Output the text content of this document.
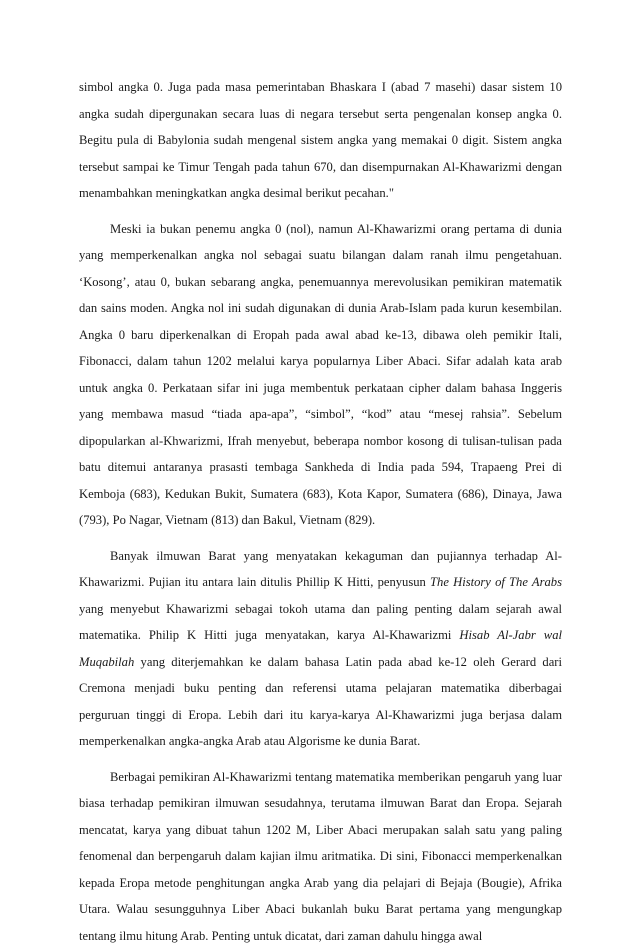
simbol angka 0. Juga pada masa pemerintaban Bhaskara I (abad 7 masehi) dasar sistem 10 angka sudah dipergunakan secara luas di negara tersebut serta pengenalan konsep angka 0. Begitu pula di Babylonia sudah mengenal sistem angka yang memakai 0 digit. Sistem angka tersebut sampai ke Timur Tengah pada tahun 670, dan disempurnakan Al-Khawarizmi dengan menambahkan meningkatkan angka desimal berikut pecahan."

Meski ia bukan penemu angka 0 (nol), namun Al-Khawarizmi orang pertama di dunia yang memperkenalkan angka nol sebagai suatu bilangan dalam ranah ilmu pengetahuan. ‘Kosong’, atau 0, bukan sebarang angka, penemuannya merevolusikan pemikiran matematik dan sains moden. Angka nol ini sudah digunakan di dunia Arab-Islam pada kurun kesembilan. Angka 0 baru diperkenalkan di Eropah pada awal abad ke-13, dibawa oleh pemikir Itali, Fibonacci, dalam tahun 1202 melalui karya popularnya Liber Abaci. Sifar adalah kata arab untuk angka 0. Perkataan sifar ini juga membentuk perkataan cipher dalam bahasa Inggeris yang membawa masud “tiada apa-apa”, “simbol”, “kod” atau “mesej rahsia”. Sebelum dipopularkan al-Khwarizmi, Ifrah menyebut, beberapa nombor kosong di tulisan-tulisan pada batu ditemui antaranya prasasti tembaga Sankheda di India pada 594, Trapaeng Prei di Kemboja (683), Kedukan Bukit, Sumatera (683), Kota Kapor, Sumatera (686), Dinaya, Jawa (793), Po Nagar, Vietnam (813) dan Bakul, Vietnam (829).

Banyak ilmuwan Barat yang menyatakan kekaguman dan pujiannya terhadap Al-Khawarizmi. Pujian itu antara lain ditulis Phillip K Hitti, penyusun The History of The Arabs yang menyebut Khawarizmi sebagai tokoh utama dan paling penting dalam sejarah awal matematika. Philip K Hitti juga menyatakan, karya Al-Khawarizmi Hisab Al-Jabr wal Muqabilah yang diterjemahkan ke dalam bahasa Latin pada abad ke-12 oleh Gerard dari Cremona menjadi buku penting dan referensi utama pelajaran matematika diberbagai perguruan tinggi di Eropa. Lebih dari itu karya-karya Al-Khawarizmi juga berjasa dalam memperkenalkan angka-angka Arab atau Algorisme ke dunia Barat.

Berbagai pemikiran Al-Khawarizmi tentang matematika memberikan pengaruh yang luar biasa terhadap pemikiran ilmuwan sesudahnya, terutama ilmuwan Barat dan Eropa. Sejarah mencatat, karya yang dibuat tahun 1202 M, Liber Abaci merupakan salah satu yang paling fenomenal dan berpengaruh dalam kajian ilmu aritmatika. Di sini, Fibonacci memperkenalkan kepada Eropa metode penghitungan angka Arab yang dia pelajari di Bejaja (Bougie), Afrika Utara. Walau sesungguhnya Liber Abaci bukanlah buku Barat pertama yang mengungkap tentang ilmu hitung Arab. Penting untuk dicatat, dari zaman dahulu hingga awal
